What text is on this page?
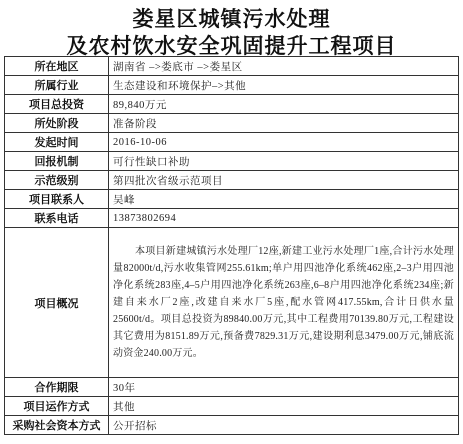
娄星区城镇污水处理
及农村饮水安全巩固提升工程项目
所在地区	湖南省 –>娄底市 –>娄星区
所属行业	生态建设和环境保护–>其他
项目总投资	89,840万元
所处阶段	准备阶段
发起时间	2016-10-06
回报机制	可行性缺口补助
示范级别	第四批次省级示范项目
项目联系人	吴峰
联系电话	13873802694
项目概况	本项目新建城镇污水处理厂12座,新建工业污水处理厂1座,合计污水处理量82000t/d,污水收集管网255.61km;单户用四池净化系统462座,2–3户用四池净化系统283座,4–5户用四池净化系统263座,6–8户用四池净化系统234座;新建自来水厂2座,改建自来水厂5座,配水管网417.55km,合计日供水量25600t/d。项目总投资为89840.00万元,其中工程费用70139.80万元,工程建设其它费用为8151.89万元,预备费7829.31万元,建设期利息3479.00万元,铺底流动资金240.00万元。
合作期限	30年
项目运作方式	其他
采购社会资本方式	公开招标
